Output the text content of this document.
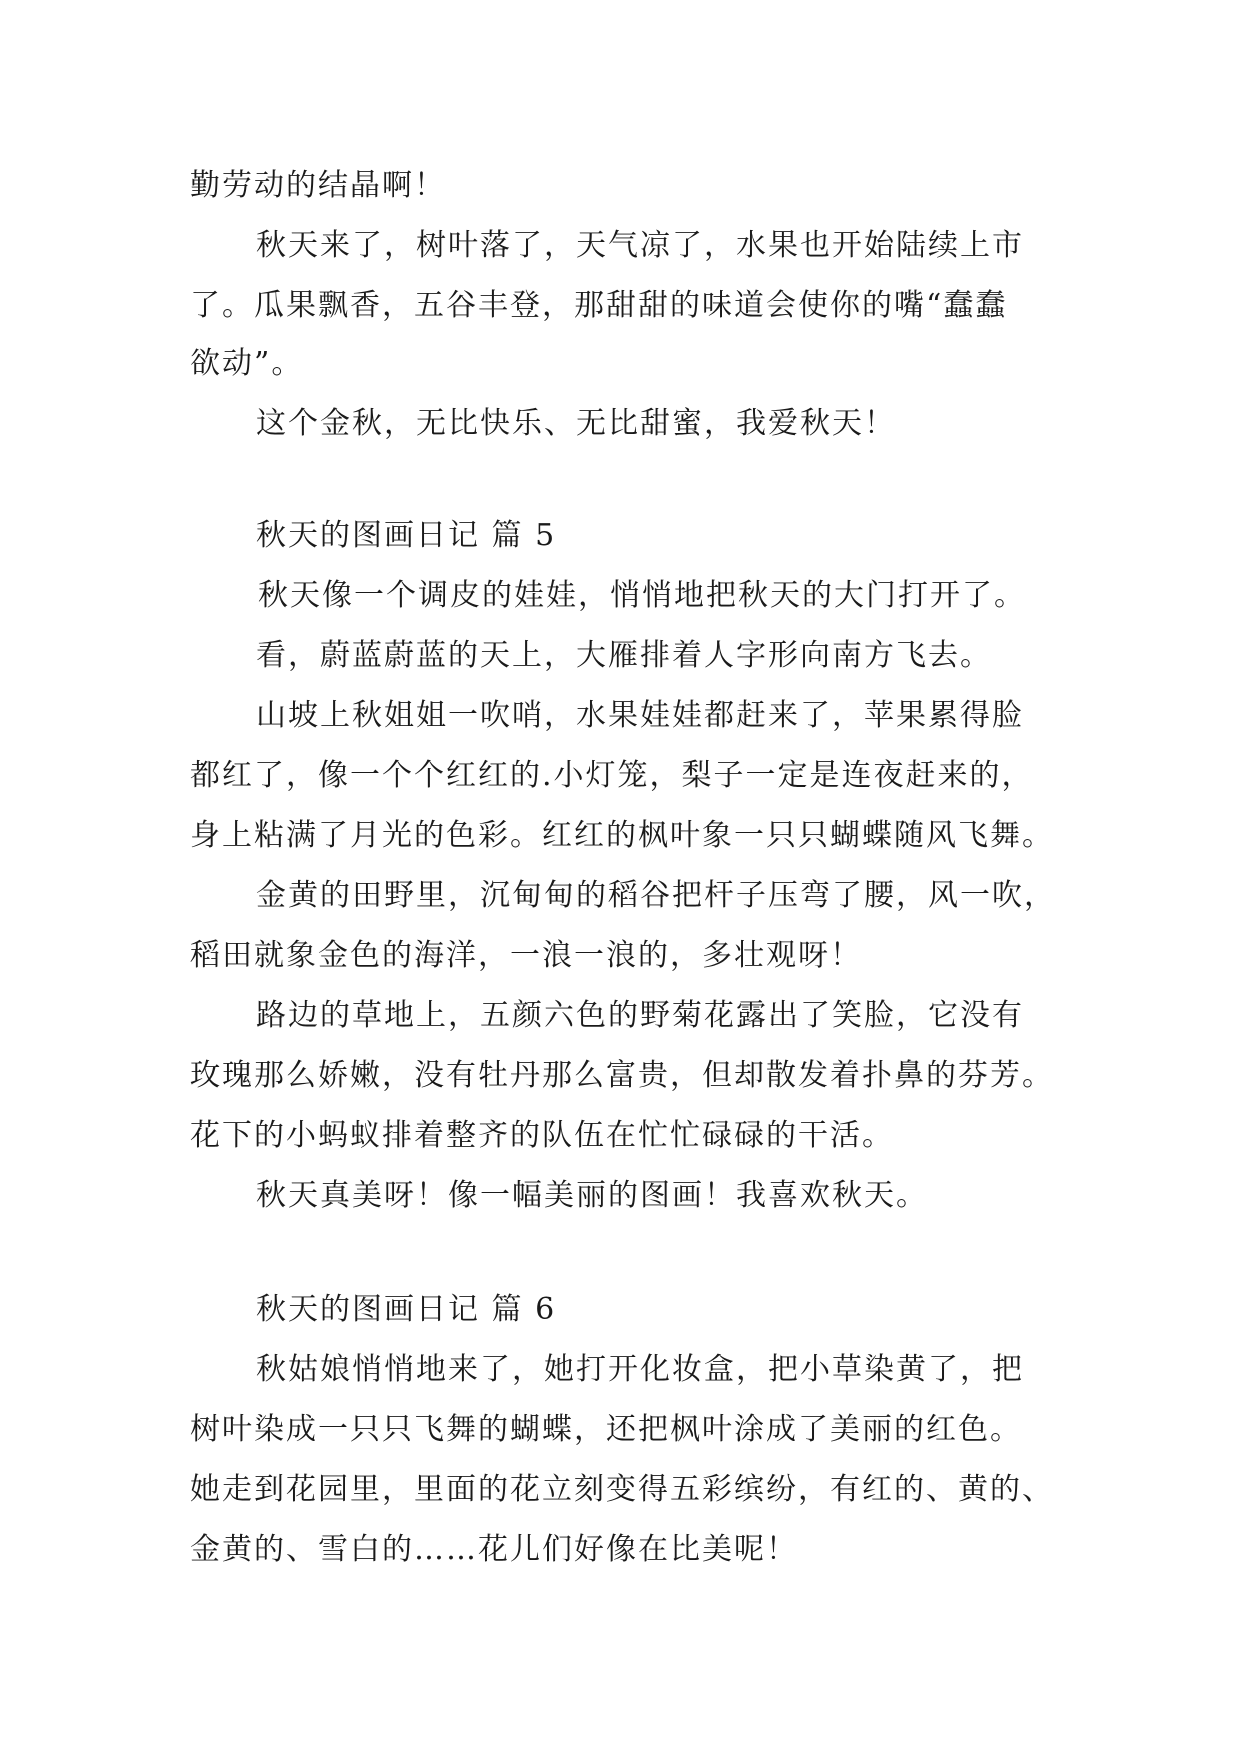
勤劳动的结晶啊！
秋天来了，树叶落了，天气凉了，水果也开始陆续上市
了。瓜果飘香，五谷丰登，那甜甜的味道会使你的嘴“蠢蠢
欲动”。
这个金秋，无比快乐、无比甜蜜，我爱秋天！
秋天的图画日记 篇 5
秋天像一个调皮的娃娃，悄悄地把秋天的大门打开了。
看，蔚蓝蔚蓝的天上，大雁排着人字形向南方飞去。
山坡上秋姐姐一吹哨，水果娃娃都赶来了，苹果累得脸
都红了，像一个个红红的.小灯笼，梨子一定是连夜赶来的，
身上粘满了月光的色彩。红红的枫叶象一只只蝴蝶随风飞舞。
金黄的田野里，沉甸甸的稻谷把杆子压弯了腰，风一吹，
稻田就象金色的海洋，一浪一浪的，多壮观呀！
路边的草地上，五颜六色的野菊花露出了笑脸，它没有
玫瑰那么娇嫩，没有牡丹那么富贵，但却散发着扑鼻的芬芳。
花下的小蚂蚁排着整齐的队伍在忙忙碌碌的干活。
秋天真美呀！像一幅美丽的图画！我喜欢秋天。
秋天的图画日记 篇 6
秋姑娘悄悄地来了，她打开化妆盒，把小草染黄了，把
树叶染成一只只飞舞的蝴蝶，还把枫叶涂成了美丽的红色。
她走到花园里，里面的花立刻变得五彩缤纷，有红的、黄的、
金黄的、雪白的……花儿们好像在比美呢！
